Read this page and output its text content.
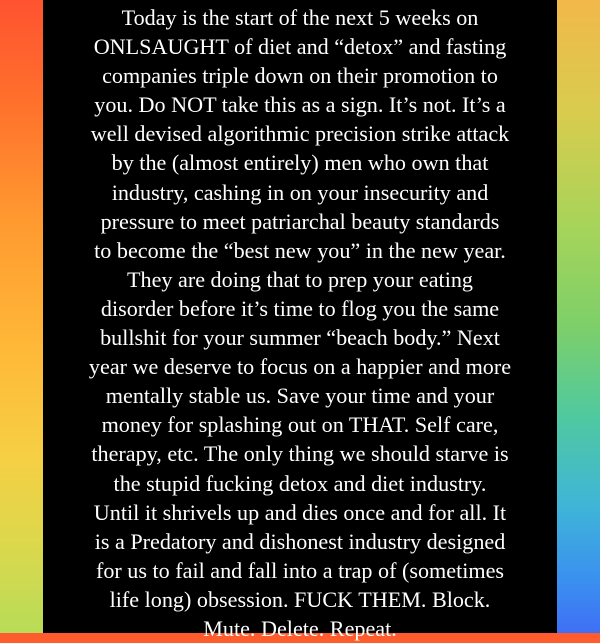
Today is the start of the next 5 weeks on
ONLSAUGHT of diet and “detox” and fasting
companies triple down on their promotion to
you. Do NOT take this as a sign. It’s not. It’s a
well devised algorithmic precision strike attack
by the (almost entirely) men who own that
industry, cashing in on your insecurity and
pressure to meet patriarchal beauty standards
to become the “best new you” in the new year.
They are doing that to prep your eating
disorder before it’s time to flog you the same
bullshit for your summer “beach body.” Next
year we deserve to focus on a happier and more
mentally stable us. Save your time and your
money for splashing out on THAT. Self care,
therapy, etc. The only thing we should starve is
the stupid fucking detox and diet industry.
Until it shrivels up and dies once and for all. It
is a Predatory and dishonest industry designed
for us to fail and fall into a trap of (sometimes
life long) obsession. FUCK THEM. Block.
Mute. Delete. Repeat.
